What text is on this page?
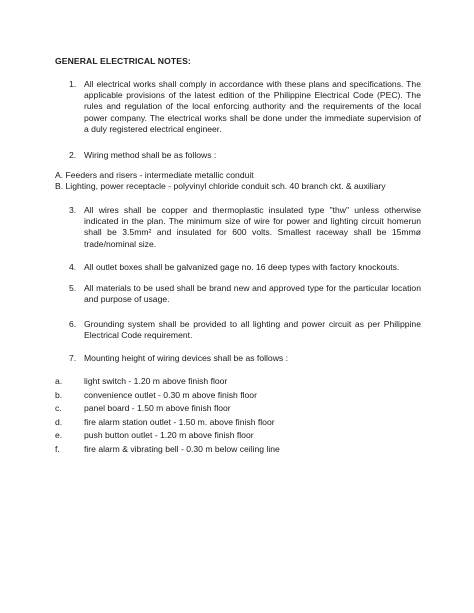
GENERAL ELECTRICAL NOTES:
1. All electrical works shall comply in accordance with these plans and specifications. The applicable provisions of the latest edition of the Philippine Electrical Code (PEC). The rules and regulation of the local enforcing authority and the requirements of the local power company. The electrical works shall be done under the immediate supervision of a duly registered electrical engineer.
2. Wiring method shall be as follows :
A. Feeders and risers - intermediate metallic conduit
B. Lighting, power receptacle - polyvinyl chloride conduit sch. 40 branch ckt. & auxiliary
3. All wires shall be copper and thermoplastic insulated type "thw" unless otherwise indicated in the plan. The minimum size of wire for power and lighting circuit homerun shall be 3.5mm² and insulated for 600 volts. Smallest raceway shall be 15mmø trade/nominal size.
4. All outlet boxes shall be galvanized gage no. 16 deep types with factory knockouts.
5. All materials to be used shall be brand new and approved type for the particular location and purpose of usage.
6. Grounding system shall be provided to all lighting and power circuit as per Philippine Electrical Code requirement.
7. Mounting height of wiring devices shall be as follows :
a.	light switch - 1.20 m above finish floor
b.	convenience outlet - 0.30 m above finish floor
c.	panel board - 1.50 m above finish floor
d.	fire alarm station outlet - 1.50 m. above finish floor
e.	push button outlet - 1.20 m above finish floor
f.	fire alarm & vibrating bell - 0.30 m below ceiling line
